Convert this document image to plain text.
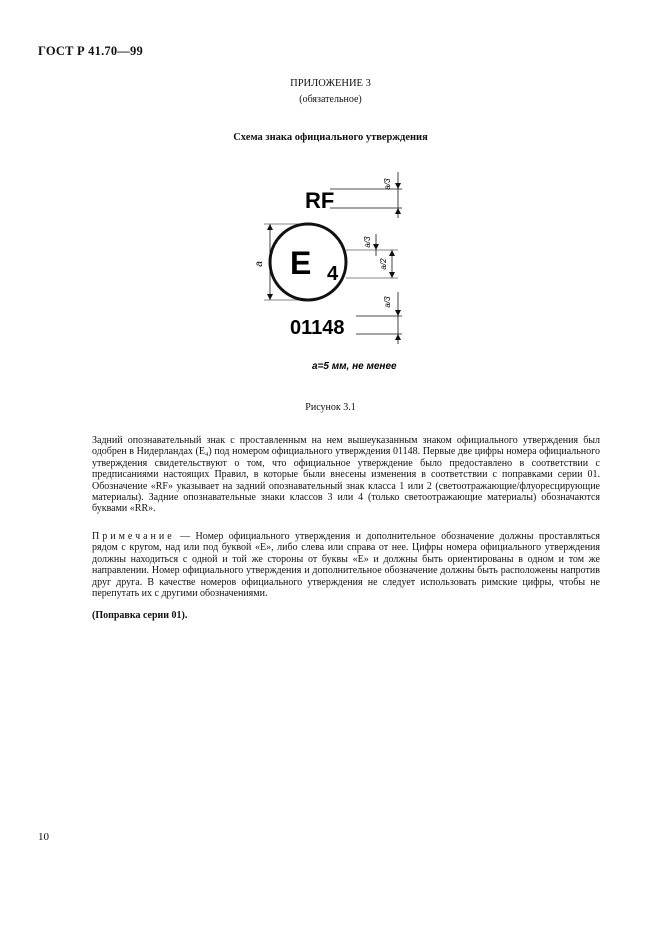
ГОСТ Р 41.70—99
ПРИЛОЖЕНИЕ 3
(обязательное)
Схема знака официального утверждения
RF
a/3
E 4
a
a/3
a/2
01148
a/3
a=5 мм, не менее
Рисунок 3.1
Задний опознавательный знак с проставленным на нем вышеуказанным знаком официального утверждения был одобрен в Нидерландах (E₄) под номером официального утверждения 01148. Первые две цифры номера официального утверждения свидетельствуют о том, что официальное утверждение было предоставлено в соответствии с предписаниями настоящих Правил, в которые были внесены изменения в соответствии с поправками серии 01. Обозначение «RF» указывает на задний опознавательный знак класса 1 или 2 (светоотражающие/флуоресцирующие материалы). Задние опознавательные знаки классов 3 или 4 (только светоотражающие материалы) обозначаются буквами «RR».
Примечание — Номер официального утверждения и дополнительное обозначение должны проставляться рядом с кругом, над или под буквой «E», либо слева или справа от нее. Цифры номера официального утверждения должны находиться с одной и той же стороны от буквы «E» и должны быть ориентированы в одном и том же направлении. Номер официального утверждения и дополнительное обозначение должны быть расположены напротив друг друга. В качестве номеров официального утверждения не следует использовать римские цифры, чтобы не перепутать их с другими обозначениями.
(Поправка серии 01).
10
